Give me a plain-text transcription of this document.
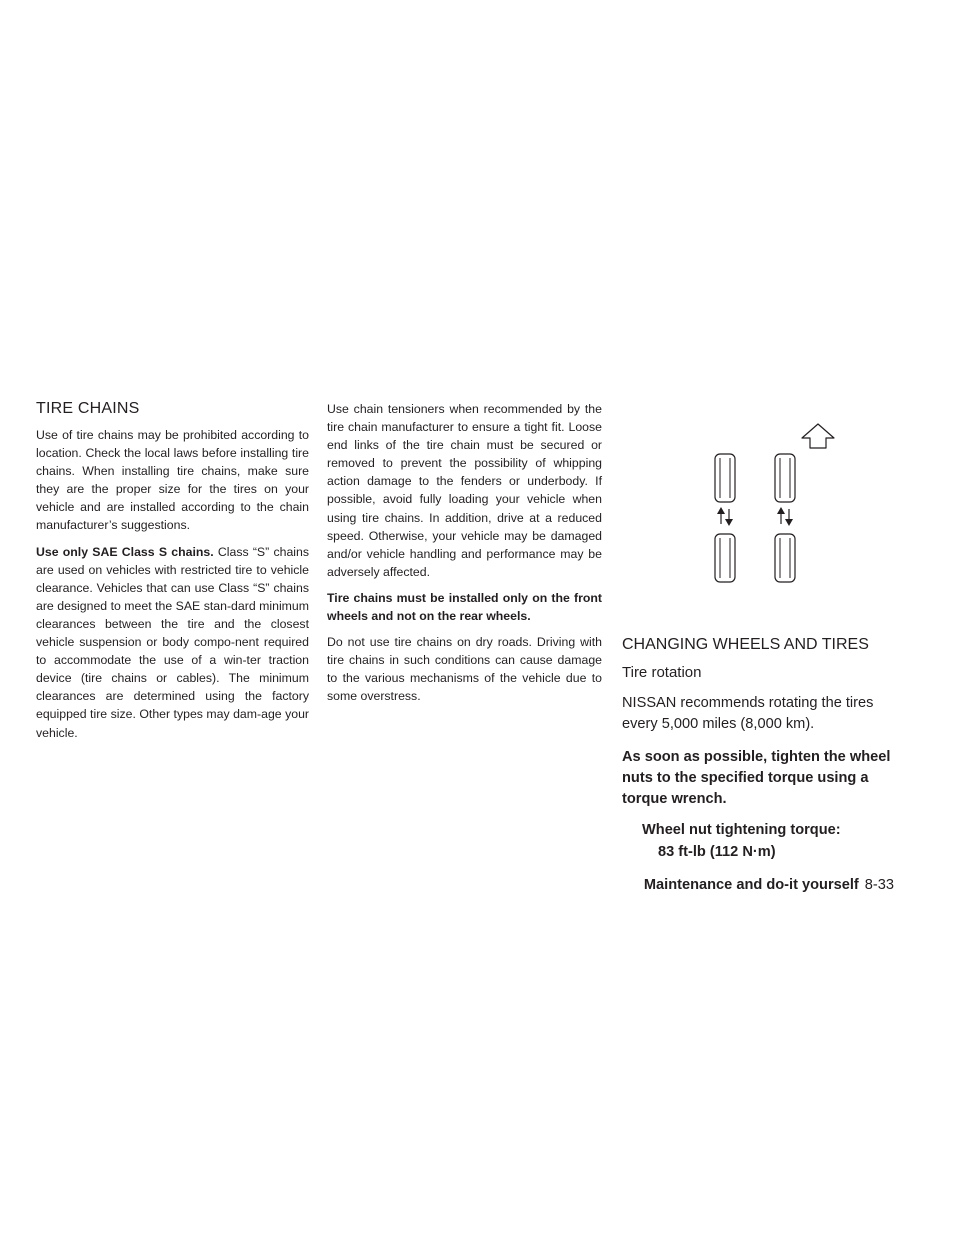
TIRE CHAINS

Use of tire chains may be prohibited according to location. Check the local laws before installing tire chains. When installing tire chains, make sure they are the proper size for the tires on your vehicle and are installed according to the chain manufacturer’s suggestions.

Use only SAE Class S chains. Class “S” chains are used on vehicles with restricted tire to vehicle clearance. Vehicles that can use Class “S” chains are designed to meet the SAE stan-dard minimum clearances between the tire and the closest vehicle suspension or body compo-nent required to accommodate the use of a win-ter traction device (tire chains or cables). The minimum clearances are determined using the factory equipped tire size. Other types may dam-age your vehicle.

Use chain tensioners when recommended by the tire chain manufacturer to ensure a tight fit. Loose end links of the tire chain must be secured or removed to prevent the possibility of whipping action damage to the fenders or underbody. If possible, avoid fully loading your vehicle when using tire chains. In addition, drive at a reduced speed. Otherwise, your vehicle may be damaged and/or vehicle handling and performance may be adversely affected.

Tire chains must be installed only on the front wheels and not on the rear wheels.

Do not use tire chains on dry roads. Driving with tire chains in such conditions can cause damage to the various mechanisms of the vehicle due to some overstress.

CHANGING WHEELS AND TIRES
Tire rotation

NISSAN recommends rotating the tires every 5,000 miles (8,000 km).

As soon as possible, tighten the wheel nuts to the specified torque using a torque wrench.

Wheel nut tightening torque:
83 ft-lb (112 N·m)
Maintenance and do-it yourself 8-33
